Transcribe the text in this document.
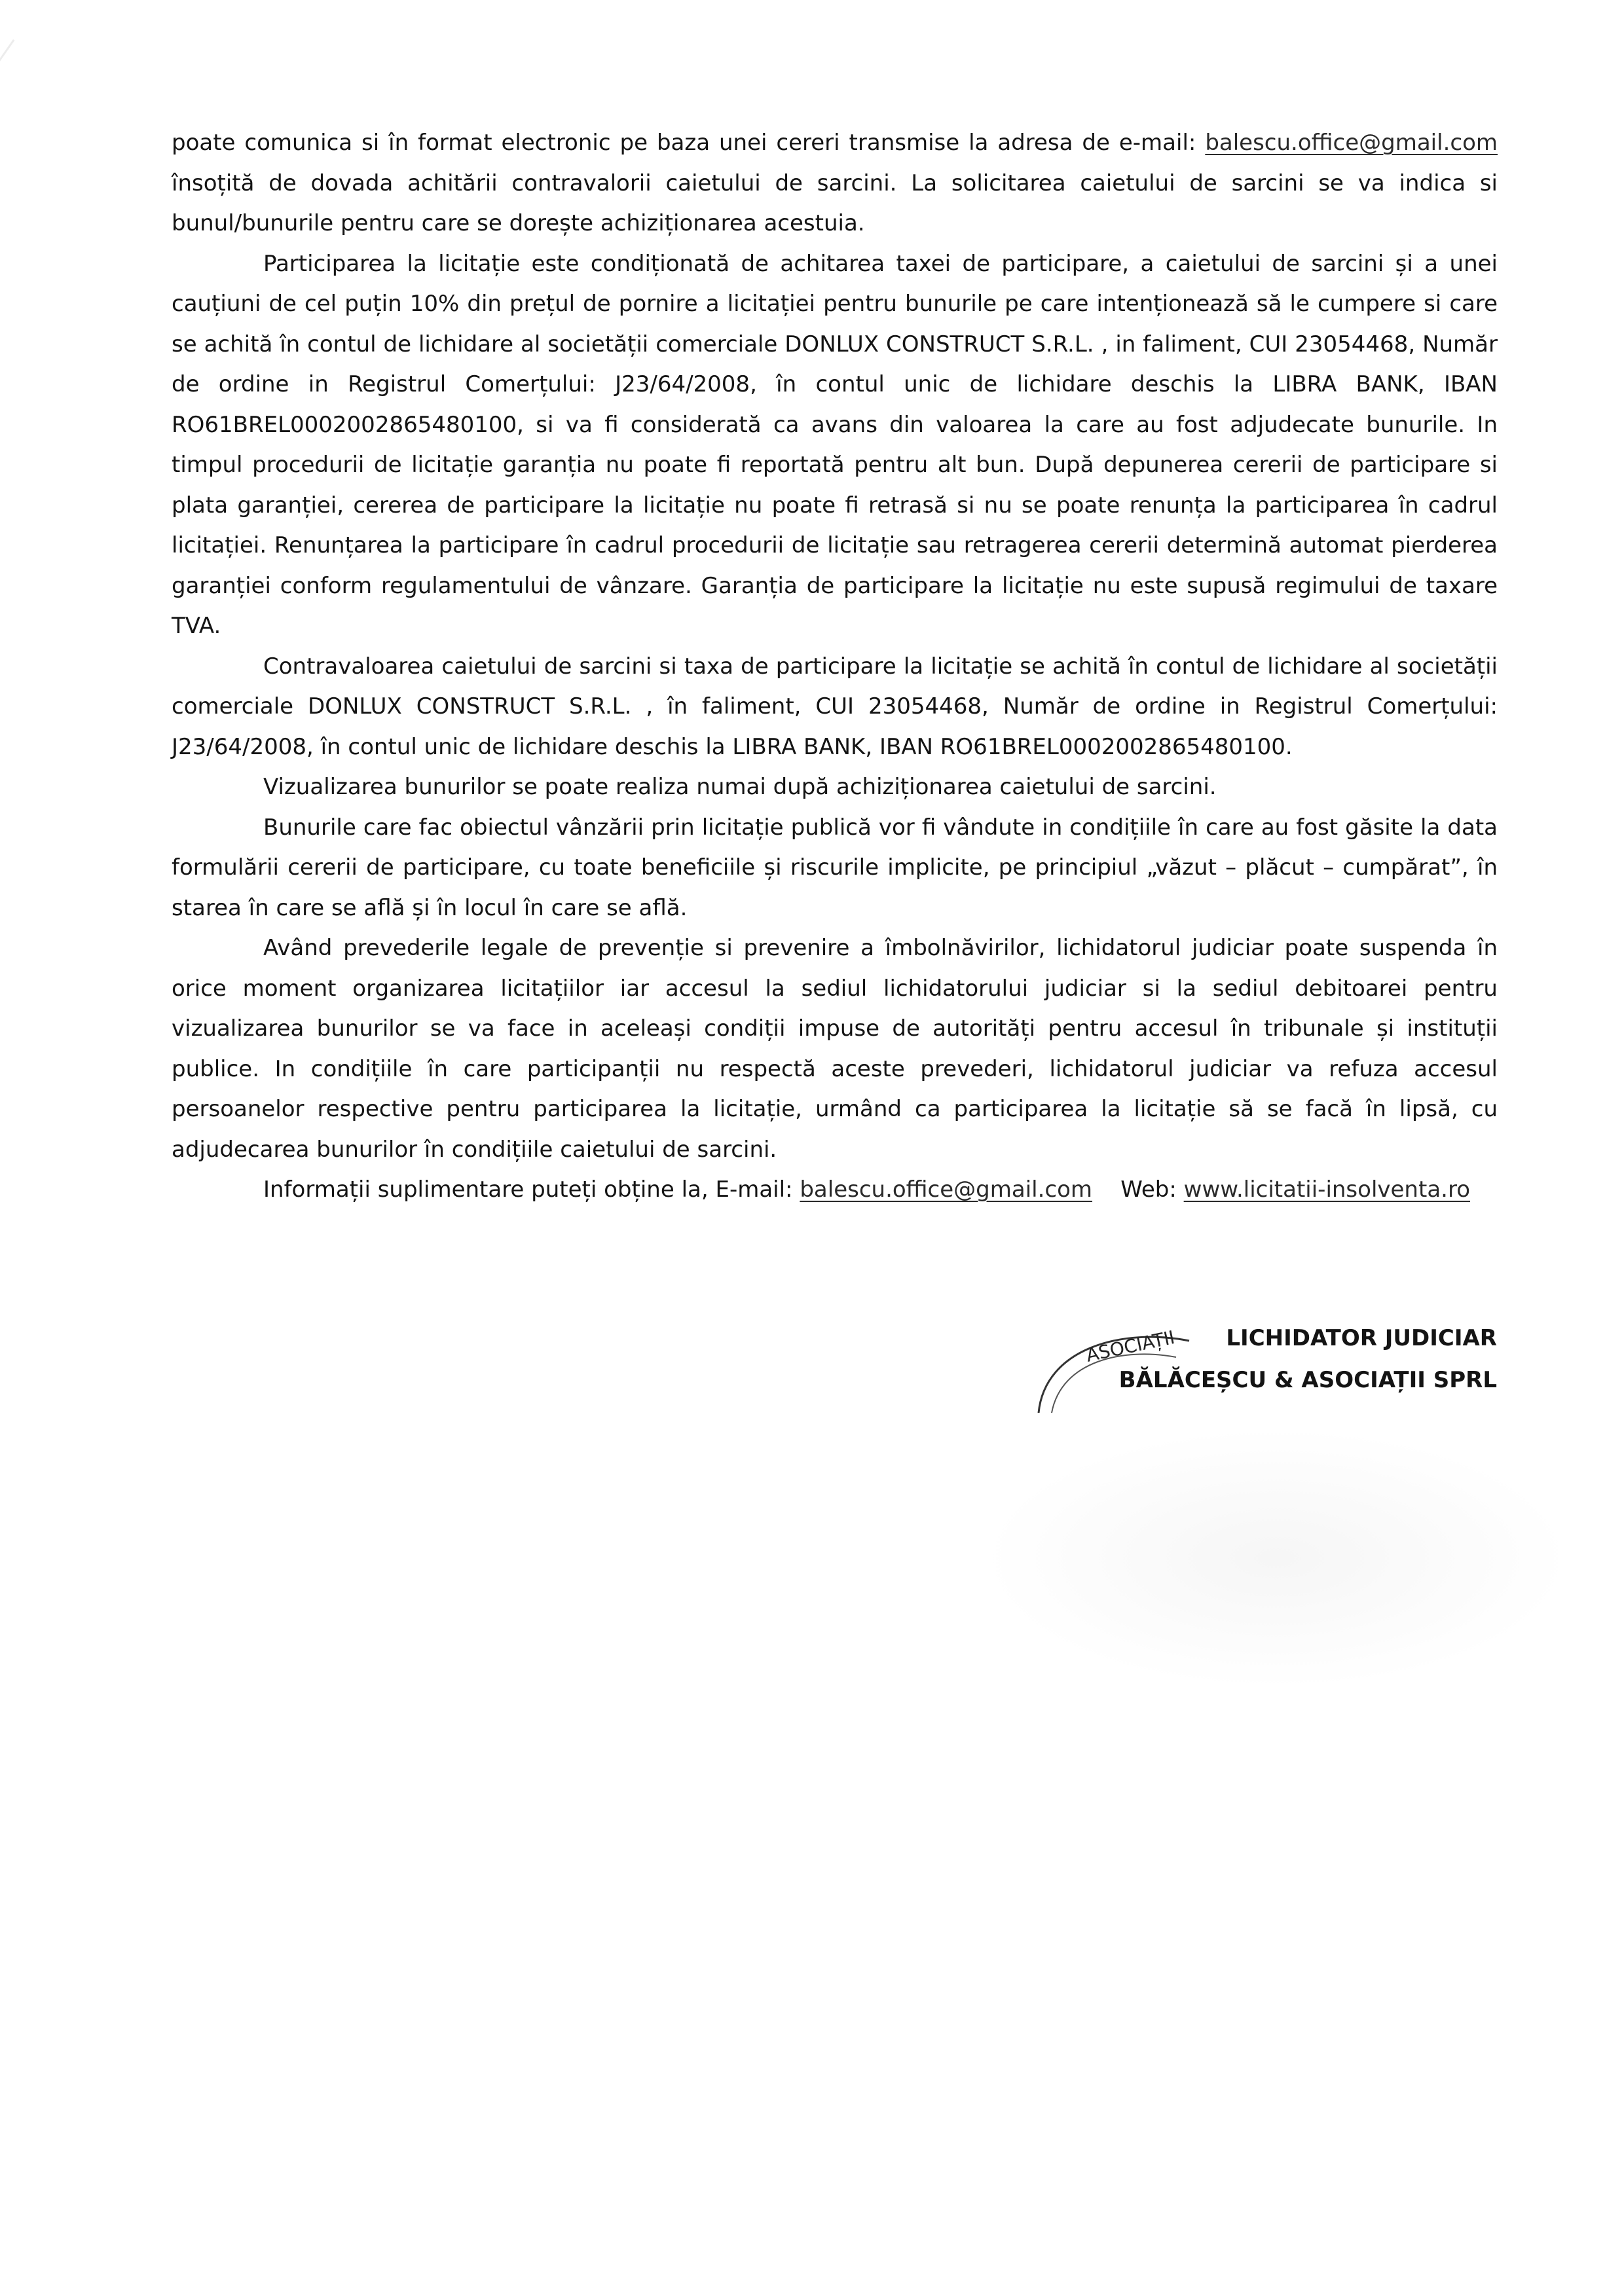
poate comunica si în format electronic pe baza unei cereri transmise la adresa de e-mail: balescu.office@gmail.com însoțită de dovada achitării contravalorii caietului de sarcini. La solicitarea caietului de sarcini se va indica si bunul/bunurile pentru care se dorește achiziționarea acestuia.

Participarea la licitație este condiționată de achitarea taxei de participare, a caietului de sarcini și a unei cauțiuni de cel puțin 10% din prețul de pornire a licitației pentru bunurile pe care intenționează să le cumpere si care se achită în contul de lichidare al societății comerciale DONLUX CONSTRUCT S.R.L. , in faliment, CUI 23054468, Număr de ordine in Registrul Comerțului: J23/64/2008, în contul unic de lichidare deschis la LIBRA BANK, IBAN RO61BREL0002002865480100, si va fi considerată ca avans din valoarea la care au fost adjudecate bunurile. In timpul procedurii de licitație garanția nu poate fi reportată pentru alt bun. După depunerea cererii de participare si plata garanției, cererea de participare la licitație nu poate fi retrasă si nu se poate renunța la participarea în cadrul licitației. Renunțarea la participare în cadrul procedurii de licitație sau retragerea cererii determină automat pierderea garanției conform regulamentului de vânzare. Garanția de participare la licitație nu este supusă regimului de taxare TVA.

Contravaloarea caietului de sarcini si taxa de participare la licitație se achită în contul de lichidare al societății comerciale DONLUX CONSTRUCT S.R.L. , în faliment, CUI 23054468, Număr de ordine in Registrul Comerțului: J23/64/2008, în contul unic de lichidare deschis la LIBRA BANK, IBAN RO61BREL0002002865480100.

Vizualizarea bunurilor se poate realiza numai după achiziționarea caietului de sarcini.

Bunurile care fac obiectul vânzării prin licitație publică vor fi vândute in condițiile în care au fost găsite la data formulării cererii de participare, cu toate beneficiile și riscurile implicite, pe principiul „văzut – plăcut – cumpărat”, în starea în care se află și în locul în care se află.

Având prevederile legale de prevenție si prevenire a îmbolnăvirilor, lichidatorul judiciar poate suspenda în orice moment organizarea licitațiilor iar accesul la sediul lichidatorului judiciar si la sediul debitoarei pentru vizualizarea bunurilor se va face in aceleași condiții impuse de autorități pentru accesul în tribunale și instituții publice. In condițiile în care participanții nu respectă aceste prevederi, lichidatorul judiciar va refuza accesul persoanelor respective pentru participarea la licitație, urmând ca participarea la licitație să se facă în lipsă, cu adjudecarea bunurilor în condițiile caietului de sarcini.

Informații suplimentare puteți obține la, E-mail: balescu.office@gmail.com    Web: www.licitatii-insolventa.ro

ASOCIAȚII LICHIDATOR JUDICIAR
BĂLĂCEȘCU & ASOCIAȚII SPRL
